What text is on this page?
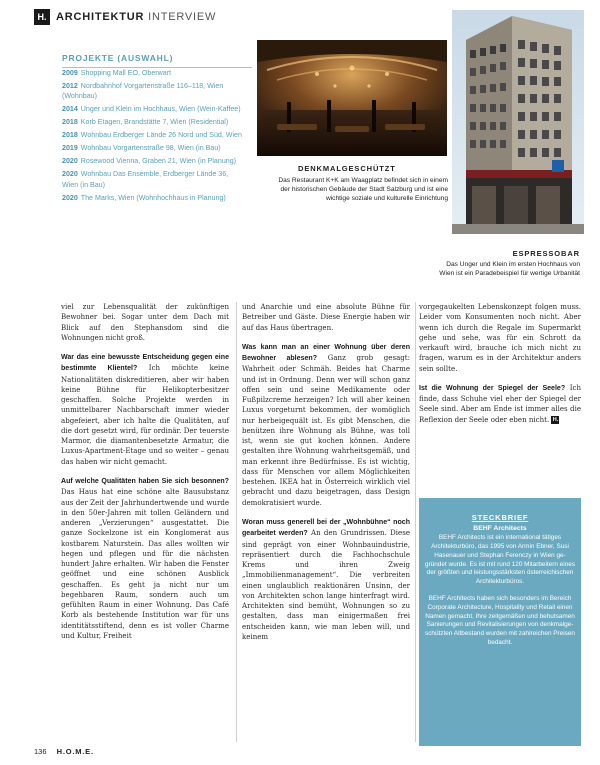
H. ARCHITEKTUR INTERVIEW
PROJEKTE (AUSWAHL)
2009 Shopping Mall EO, Oberwart
2012 Nordbahnhof Vorgartenstraße 116–118, Wien (Wohnbau)
2014 Unger und Klein im Hochhaus, Wien (Wein-Kaffee)
2018 Korb Etagen, Brandstätte 7, Wien (Residential)
2018 Wohnbau Erdberger Lände 26 Nord und Süd, Wien
2019 Wohnbau Vorgartenstraße 98, Wien (in Bau)
2020 Rosewood Vienna, Graben 21, Wien (in Planung)
2020 Wohnbau Das Ensemble, Erdberger Lände 36, Wien (in Bau)
2020 The Marks, Wien (Wohnhochhaus in Planung)
DENKMALGESCHÜTZT
Das Restaurant K+K am Waagplatz befindet sich in einem der historischen Gebäude der Stadt Salzburg und ist eine wichtige soziale und kulturelle Einrichtung
ESPRESSOBAR
Das Unger und Klein im ersten Hochhaus von Wien ist ein Paradebeispiel für wertige Urbanität

viel zur Lebensqualität der zukünftigen Bewohner bei. Sogar unter dem Dach mit Blick auf den Stephansdom sind die Wohnungen nicht groß.

War das eine bewusste Entscheidung gegen eine bestimmte Klientel? Ich möchte keine Nationalitäten diskreditieren, aber wir haben keine Bühne für Helikopterbesitzer geschaffen. Solche Projekte werden in unmittelbarer Nachbarschaft immer wieder abgefeiert, aber ich halte die Qualitäten, auf die dort gesetzt wird, für ordinär. Der teuerste Marmor, die diamantenbesetzte Armatur, die Luxus-Apartment-Etage und so weiter – genau das haben wir nicht gemacht.

Auf welche Qualitäten haben Sie sich besonnen? Das Haus hat eine schöne alte Bausubstanz aus der Zeit der Jahrhundertwende und wurde in den 50er-Jahren mit tollen Geländern und anderen „Verzierungen“ ausgestattet. Die ganze Sockelzone ist ein Konglomerat aus kostbarem Naturstein. Das alles wollten wir hegen und pflegen und für die nächsten hundert Jahre erhalten. Wir haben die Fenster geöffnet und eine schönen Ausblick geschaffen. Es geht ja nicht nur um begehbaren Raum, sondern auch um gefühlten Raum in einer Wohnung. Das Café Korb als bestehende Institution war für uns identitätsstiftend, denn es ist voller Charme und Kultur, Freiheit

und Anarchie und eine absolute Bühne für Betreiber und Gäste. Diese Energie haben wir auf das Haus übertragen.

Was kann man an einer Wohnung über deren Bewohner ablesen? Ganz grob gesagt: Wahrheit oder Schmäh. Beides hat Charme und ist in Ordnung. Denn wer will schon ganz offen sein und seine Medikamente oder Fußpilzcreme herzeigen? Ich will aber keinen Luxus vorgeturnt bekommen, der womöglich nur herbeigequält ist. Es gibt Menschen, die benützen ihre Wohnung als Bühne, was toll ist, wenn sie gut kochen können. Andere gestalten ihre Wohnung wahrheitsgemäß, und man erkennt ihre Bedürfnisse. Es ist wichtig, dass für Menschen vor allem Möglichkeiten bestehen. IKEA hat in Österreich wirklich viel gebracht und dazu beigetragen, dass Design demokratisiert wurde.

Woran muss generell bei der „Wohnbühne“ noch gearbeitet werden? An den Grundrissen. Diese sind geprägt von einer Wohnbauindustrie, repräsentiert durch die Fachhochschule Krems und ihren Zweig „Immobilienmanagement“. Die verbreiten einen unglaublich reaktionären Unsinn, der von Architekten schon lange hinterfragt wird. Architekten sind bemüht, Wohnungen so zu gestalten, dass man einigermaßen frei entscheiden kann, wie man leben will, und keinem

vorgegaukelten Lebenskonzept folgen muss. Leider vom Konsumenten noch nicht. Aber wenn ich durch die Regale im Supermarkt gehe und sehe, was für ein Schrott da verkauft wird, brauche ich mich nicht zu fragen, warum es in der Architektur anders sein sollte.

Ist die Wohnung der Spiegel der Seele? Ich finde, dass Schuhe viel eher der Spiegel der Seele sind. Aber am Ende ist immer alles die Reflexion der Seele oder eben nicht. H.

STECKBRIEF
BEHF Architects

BEHF Architects ist ein international tätiges Architekturbüro, das 1995 von Armin Ebner, Susi Hasenauer und Stephan Ferenczy in Wien gegründet wurde. Es ist mit rund 120 Mitarbeitern eines der größten und leistungsstärksten österreichischen Architekturbüros.

BEHF Architects haben sich besonders im Bereich Corporate Architecture, Hospitality und Retail einen Namen gemacht. Ihre zeitgemäßen und behutsamen Sanierungen und Revitalisierungen von denkmalgeschützten Altbestand wurden mit zahlreichen Preisen bedacht.

136 H.O.M.E.
